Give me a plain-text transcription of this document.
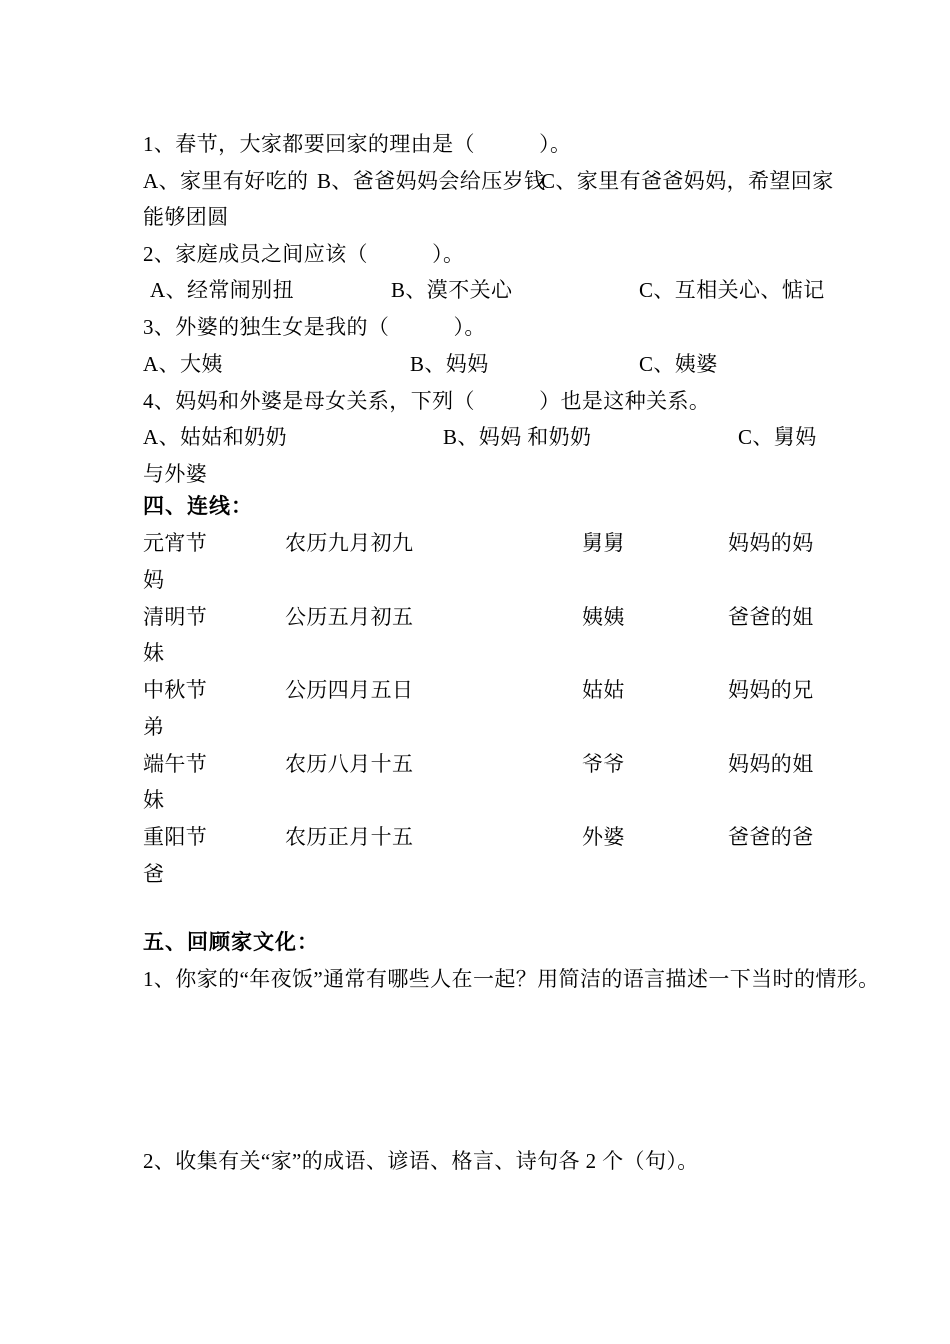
1、春节，大家都要回家的理由是（　　　）。
A、家里有好吃的 B、爸爸妈妈会给压岁钱
C、家里有爸爸妈妈，希望回家
能够团圆
2、家庭成员之间应该（　　　）。
A、经常闹别扭	B、漠不关心	C、互相关心、惦记
3、外婆的独生女是我的（　　　）。
A、大姨	B、妈妈	C、姨婆
4、妈妈和外婆是母女关系，下列（　　　）也是这种关系。
A、姑姑和奶奶	B、妈妈 和奶奶	C、舅妈
与外婆
四、连线：
元宵节	农历九月初九	舅舅	妈妈的妈
妈
清明节	公历五月初五	姨姨	爸爸的姐
妹
中秋节	公历四月五日	姑姑	妈妈的兄
弟
端午节	农历八月十五	爷爷	妈妈的姐
妹
重阳节	农历正月十五	外婆	爸爸的爸
爸
五、回顾家文化：
1、你家的“年夜饭”通常有哪些人在一起？用简洁的语言描述一下当时的情形。
2、收集有关“家”的成语、谚语、格言、诗句各 2 个（句）。
